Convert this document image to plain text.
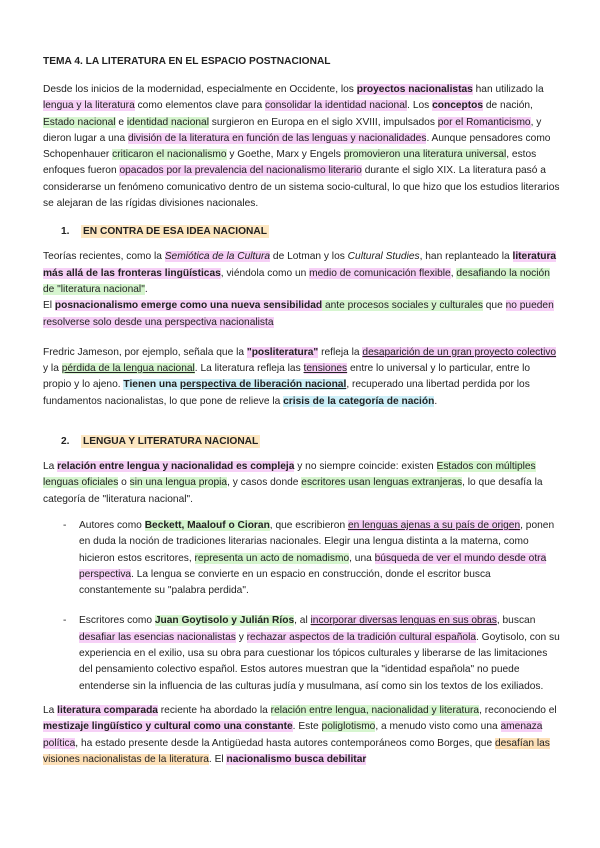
TEMA 4. LA LITERATURA EN EL ESPACIO POSTNACIONAL

Desde los inicios de la modernidad, especialmente en Occidente, los proyectos nacionalistas han utilizado la lengua y la literatura como elementos clave para consolidar la identidad nacional. Los conceptos de nación, Estado nacional e identidad nacional surgieron en Europa en el siglo XVIII, impulsados por el Romanticismo, y dieron lugar a una división de la literatura en función de las lenguas y nacionalidades. Aunque pensadores como Schopenhauer criticaron el nacionalismo y Goethe, Marx y Engels promovieron una literatura universal, estos enfoques fueron opacados por la prevalencia del nacionalismo literario durante el siglo XIX. La literatura pasó a considerarse un fenómeno comunicativo dentro de un sistema socio-cultural, lo que hizo que los estudios literarios se alejaran de las rígidas divisiones nacionales.

1. EN CONTRA DE ESA IDEA NACIONAL

Teorías recientes, como la Semiótica de la Cultura de Lotman y los Cultural Studies, han replanteado la literatura más allá de las fronteras lingüísticas, viéndola como un medio de comunicación flexible, desafiando la noción de "literatura nacional".

El posnacionalismo emerge como una nueva sensibilidad ante procesos sociales y culturales que no pueden resolverse solo desde una perspectiva nacionalista

Fredric Jameson, por ejemplo, señala que la "posliteratura" refleja la desaparición de un gran proyecto colectivo y la pérdida de la lengua nacional. La literatura refleja las tensiones entre lo universal y lo particular, entre lo propio y lo ajeno. Tienen una perspectiva de liberación nacional, recuperado una libertad perdida por los fundamentos nacionalistas, lo que pone de relieve la crisis de la categoría de nación.

2. LENGUA Y LITERATURA NACIONAL

La relación entre lengua y nacionalidad es compleja y no siempre coincide: existen Estados con múltiples lenguas oficiales o sin una lengua propia, y casos donde escritores usan lenguas extranjeras, lo que desafía la categoría de "literatura nacional".

- Autores como Beckett, Maalouf o Cioran, que escribieron en lenguas ajenas a su país de origen, ponen en duda la noción de tradiciones literarias nacionales. Elegir una lengua distinta a la materna, como hicieron estos escritores, representa un acto de nomadismo, una búsqueda de ver el mundo desde otra perspectiva. La lengua se convierte en un espacio en construcción, donde el escritor busca constantemente su "palabra perdida".
- Escritores como Juan Goytisolo y Julián Ríos, al incorporar diversas lenguas en sus obras, buscan desafiar las esencias nacionalistas y rechazar aspectos de la tradición cultural española. Goytisolo, con su experiencia en el exilio, usa su obra para cuestionar los tópicos culturales y liberarse de las limitaciones del pensamiento colectivo español. Estos autores muestran que la "identidad española" no puede entenderse sin la influencia de las culturas judía y musulmana, así como sin los textos de los exiliados.

La literatura comparada reciente ha abordado la relación entre lengua, nacionalidad y literatura, reconociendo el mestizaje lingüístico y cultural como una constante. Este poliglotismo, a menudo visto como una amenaza política, ha estado presente desde la Antigüedad hasta autores contemporáneos como Borges, que desafían las visiones nacionalistas de la literatura. El nacionalismo busca debilitar
